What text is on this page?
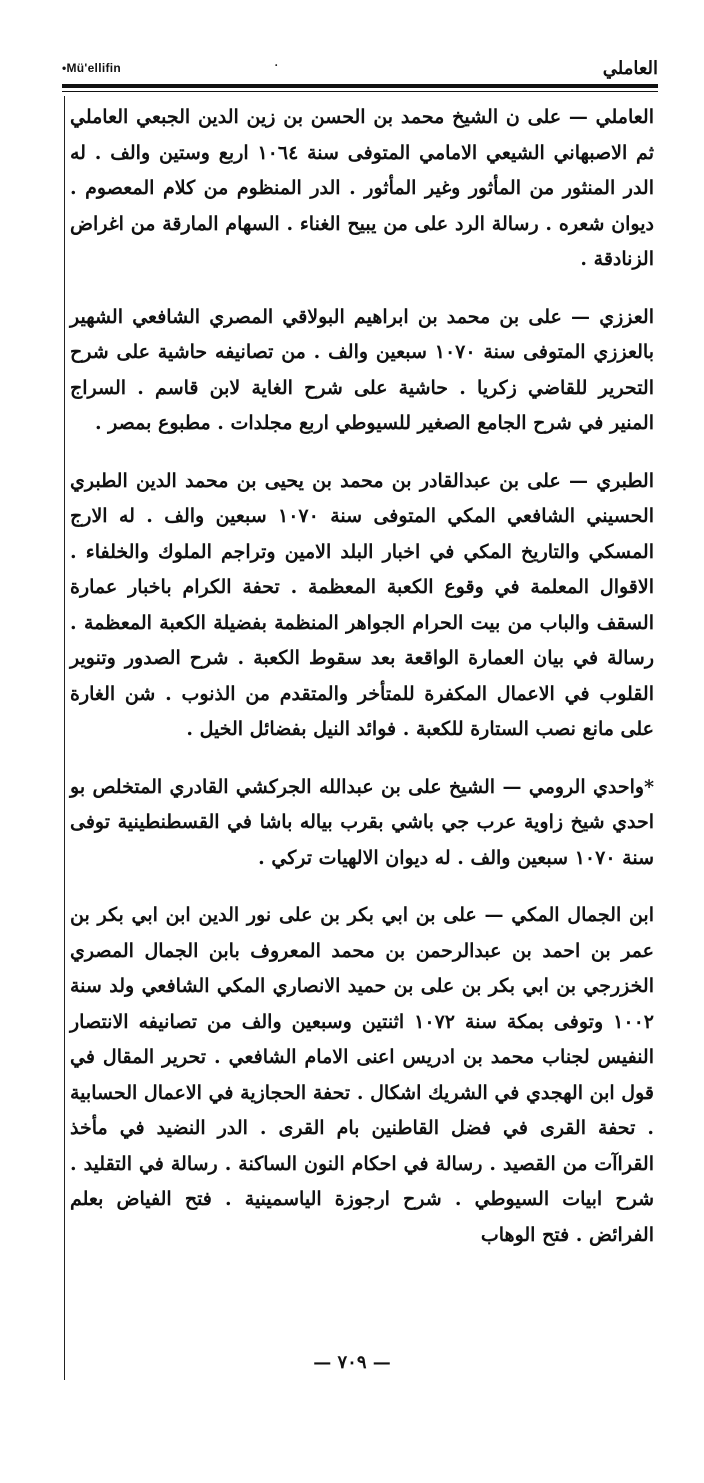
•Mü'ellifin	·	العاملي

العاملي — على ن الشيخ محمد بن الحسن بن زين الدين الجبعي العاملي ثم الاصبهاني الشيعي الامامي المتوفى سنة ١٠٦٤ اربع وستين والف . له الدر المنثور من المأثور وغير المأثور . الدر المنظوم من كلام المعصوم . ديوان شعره . رسالة الرد على من يبيح الغناء . السهام المارقة من اغراض الزنادقة .

العززي — على بن محمد بن ابراهيم البولاقي المصري الشافعي الشهير بالعززي المتوفى سنة ١٠٧٠ سبعين والف . من تصانيفه حاشية على شرح التحرير للقاضي زكريا . حاشية على شرح الغاية لابن قاسم . السراج المنير في شرح الجامع الصغير للسيوطي اربع مجلدات . مطبوع بمصر .

الطبري — على بن عبدالقادر بن محمد بن يحيى بن محمد الدين الطبري الحسيني الشافعي المكي المتوفى سنة ١٠٧٠ سبعين والف . له الارج المسكي والتاريخ المكي في اخبار البلد الامين وتراجم الملوك والخلفاء . الاقوال المعلمة في وقوع الكعبة المعظمة . تحفة الكرام باخبار عمارة السقف والباب من بيت الحرام الجواهر المنظمة بفضيلة الكعبة المعظمة . رسالة في بيان العمارة الواقعة بعد سقوط الكعبة . شرح الصدور وتنوير القلوب في الاعمال المكفرة للمتأخر والمتقدم من الذنوب . شن الغارة على مانع نصب الستارة للكعبة . فوائد النيل بفضائل الخيل .

*واحدي الرومي — الشيخ على بن عبدالله الجركشي القادري المتخلص بو احدي شيخ زاوية عرب جي باشي بقرب بياله باشا في القسطنطينية توفى سنة ١٠٧٠ سبعين والف . له ديوان الالهيات تركي .

ابن الجمال المكي — على بن ابي بكر بن على نور الدين ابن ابي بكر بن عمر بن احمد بن عبدالرحمن بن محمد المعروف بابن الجمال المصري الخزرجي بن ابي بكر بن على بن حميد الانصاري المكي الشافعي ولد سنة ١٠٠٢ وتوفى بمكة سنة ١٠٧٢ اثنتين وسبعين والف من تصانيفه الانتصار النفيس لجناب محمد بن ادريس اعنى الامام الشافعي . تحرير المقال في قول ابن الهجدي في الشريك اشكال . تحفة الحجازية في الاعمال الحسابية . تحفة القرى في فضل القاطنين بام القرى . الدر النضيد في مأخذ القراآت من القصيد . رسالة في احكام النون الساكنة . رسالة في التقليد . شرح ابيات السيوطي . شرح ارجوزة الياسمينية . فتح الفياض بعلم الفرائض . فتح الوهاب

— ٧٠٩ —
